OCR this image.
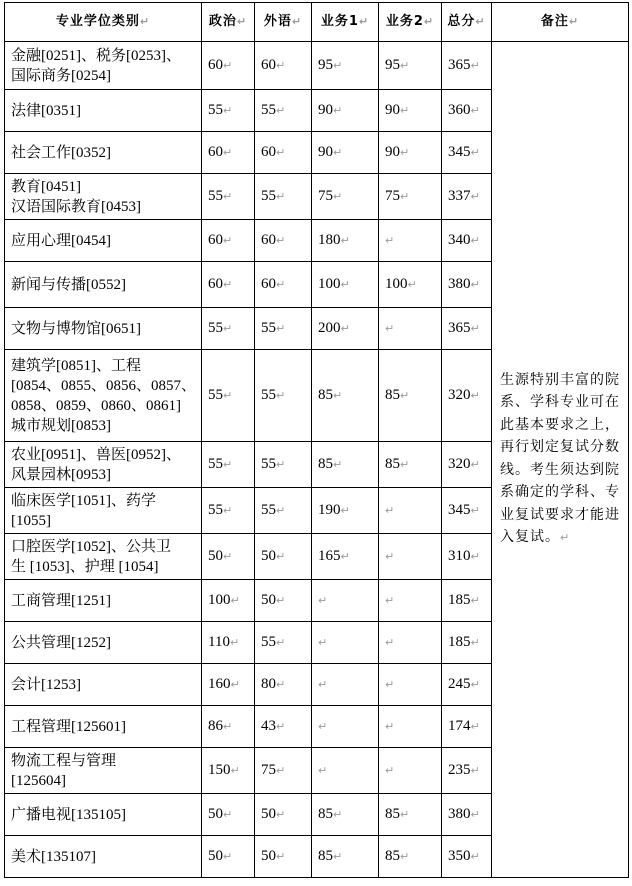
专业学位类别↵	政治↵	外语↵	业务1↵	业务2↵	总分↵	备注↵

金融[0251]、税务[0253]、
国际商务[0254]	60↵	60↵	95↵	95↵	365↵	生源特别丰富的院系、学科专业可在此基本要求之上，再行划定复试分数线。考生须达到院系确定的学科、专业复试要求才能进入复试。↵

法律[0351]	55↵	55↵	90↵	90↵	360↵	

社会工作[0352]	60↵	60↵	90↵	90↵	345↵	

教育[0451]
汉语国际教育[0453]	55↵	55↵	75↵	75↵	337↵	

应用心理[0454]	60↵	60↵	180↵	↵	340↵	

新闻与传播[0552]	60↵	60↵	100↵	100↵	380↵	

文物与博物馆[0651]	55↵	55↵	200↵	↵	365↵	

建筑学[0851]、工程
[0854、0855、0856、0857、
0858、0859、0860、0861]
城市规划[0853]	55↵	55↵	85↵	85↵	320↵	

农业[0951]、兽医[0952]、
风景园林[0953]	55↵	55↵	85↵	85↵	320↵	

临床医学[1051]、药学
[1055]	55↵	55↵	190↵	↵	345↵	

口腔医学[1052]、公共卫
生 [1053]、护理 [1054]	50↵	50↵	165↵	↵	310↵	

工商管理[1251]	100↵	50↵	↵	↵	185↵	

公共管理[1252]	110↵	55↵	↵	↵	185↵	

会计[1253]	160↵	80↵	↵	↵	245↵	

工程管理[125601]	86↵	43↵	↵	↵	174↵	

物流工程与管理
[125604]	150↵	75↵	↵	↵	235↵	

广播电视[135105]	50↵	50↵	85↵	85↵	380↵	

美术[135107]	50↵	50↵	85↵	85↵	350↵	
